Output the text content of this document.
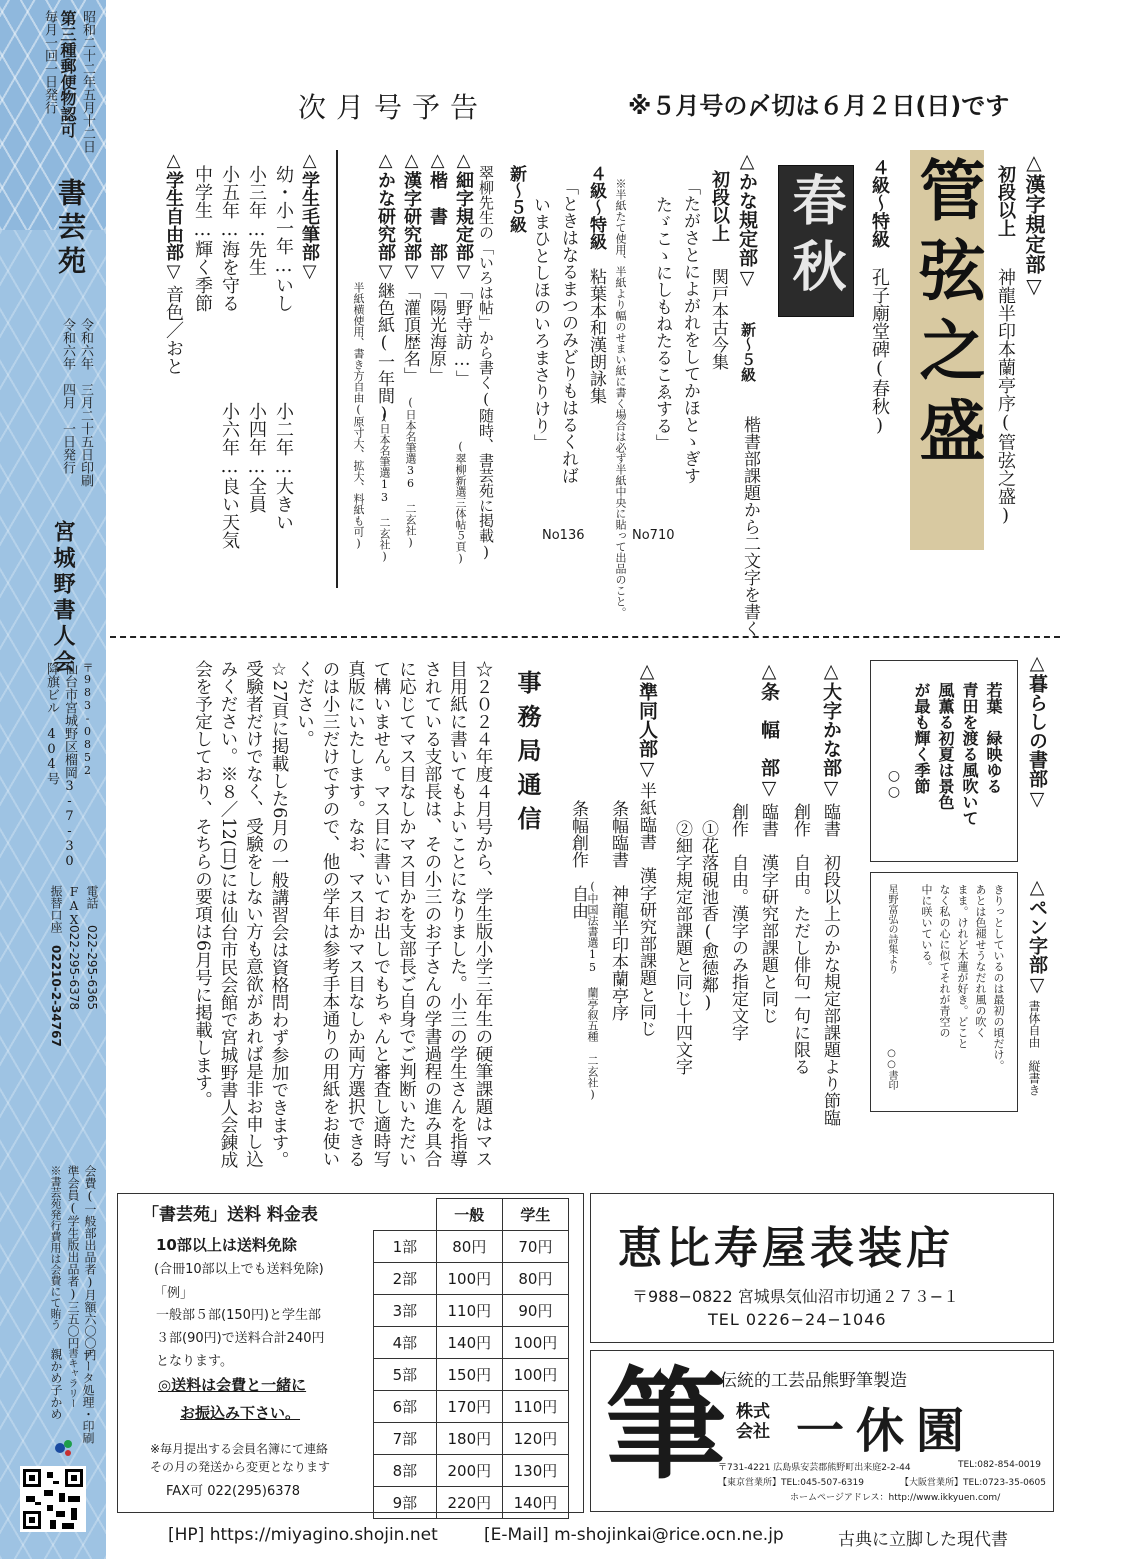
昭和二十二年五月十二日
第三種郵便物認可
毎月一回一日発行
書芸苑
令和六年　三月二十五日印刷
令和六年　四月　一日発行
宮城野書人会
〒983-0852
仙台市宮城野区榴岡3-7-30
降旗ビル　404号
電話
022-295-6365
FAX
022-295-6378
振替口座
02210-2-34767
会費(一般部出品者)月額六〇〇円
準会員(学生版出品者)三五〇円
※書芸苑発行費用は会費にて賄う
データ処理・印刷
書キャラリー
親かめ子かめ
次月号予告	※５月号の〆切は６月２日(日)です
△漢字規定部▽
初段以上
神龍半印本蘭亭序(管弦之盛)
管弦之盛
４級〜特級
孔子廟堂碑(春秋)
春秋
△かな規定部▽
新〜５級
楷書部課題から二文字を書く
初段以上
関戸本古今集
「たがさとによがれをしてかほとゝぎす
たゞこゝにしもねたるこゑする」
No710
※半紙たて使用、半紙より幅のせまい紙に書く場合は必ず半紙中央に貼って出品のこと。
４級〜特級
粘葉本和漢朗詠集
「ときはなるまつのみどりもはるくれば
いまひとしほのいろまさりけり」
No136
新〜５級
翠柳先生の「いろは帖」から書く(随時、書芸苑に掲載)
△細字規定部▽
「野寺訪…」
(翠柳新選三体帖５頁)
△楷　書　部▽
「陽光海原」
△漢字研究部▽
「灌頂歴名」
(日本名筆選36 二玄社)
△かな研究部▽
継色紙(一年間)
(日本名筆選13 二玄社)
半紙横使用、書き方自由(原寸大、拡大、料紙も可)
△学生毛筆部▽
幼・小一年…いし
小二年…大きい
小三年…先生
小四年…全員
小五年…海を守る
小六年…良い天気
中学生…輝く季節
△学生自由部▽
音色／おと
△暮らしの書部▽
若葉　緑映ゆる
青田を渡る風吹いて
風薫る初夏は景色
が最も輝く季節
○○
△ペン字部▽
書体自由　縦書き
きりっとしているのは最初の頃だけ。
あとは色褪せうなだれ風の吹く
まま。けれど木蓮が好き。どこと
なく私の心に似てそれが青空の
中に咲いている。
星野富弘の詩集より
○○書印
△大字かな部▽
臨書　初段以上のかな規定部課題より節臨
創作　自由。ただし俳句一句に限る
△条　幅　部▽
臨書　漢字研究部課題と同じ
創作　自由。漢字のみ指定文字
①花落硯池香(愈徳鄰)
②細字規定部課題と同じ十四文字
△準同人部▽
半紙臨書　漢字研究部課題と同じ
条幅臨書　神龍半印本蘭亭序
(中国法書選15 蘭亭叙五種 二玄社)
条幅創作　自由
事務局通信
☆２０２４年度４月号から、学生版小学三年生の硬筆課題はマス目用紙に書いてもよいことになりました。小三の学生さんを指導されている支部長は、その小三のお子さんの学書過程の進み具合に応じてマス目なしかマス目かを支部長ご自身でご判断いただいて構いません。マス目に書いてお出しでもちゃんと審査し適時写真版にいたします。なお、マス目かマス目なしか両方選択できるのは小三だけですので、他の学年は参考手本通りの用紙をお使いください。
☆27頁に掲載した6月の一般講習会は資格問わず参加できます。受験者だけでなく、受験をしない方も意欲があれば是非お申し込みください。※８／12(日)には仙台市民会館で宮城野書人会錬成会を予定しており、そちらの要項は6月号に掲載します。
「書芸苑」送料 料金表
10部以上は送料免除
(合冊10部以上でも送料免除)
「例」
一般部５部(150円)と学生部
３部(90円)で送料合計240円
となります。
◎送料は会費と一緒に
お振込み下さい。
※毎月提出する会員名簿にて連絡
その月の発送から変更となります
FAX可 022(295)6378
	一般	学生
1部	80円	70円
2部	100円	80円
3部	110円	90円
4部	140円	100円
5部	150円	100円
6部	170円	110円
7部	180円	120円
8部	200円	130円
9部	220円	140円
恵比寿屋表装店
〒988−0822 宮城県気仙沼市切通２７３−１
TEL 0226−24−1046
筆
伝統的工芸品熊野筆製造
株式会社 一休園
〒731-4221 広島県安芸郡熊野町出来庭2-2-44	TEL:082-854-0019
【東京営業所】TEL:045-507-6319	【大阪営業所】TEL:0723-35-0605
ホームページアドレス：http://www.ikkyuen.com/
[HP] https://miyagino.shojin.net	[E-Mail] m-shojinkai@rice.ocn.ne.jp	古典に立脚した現代書
